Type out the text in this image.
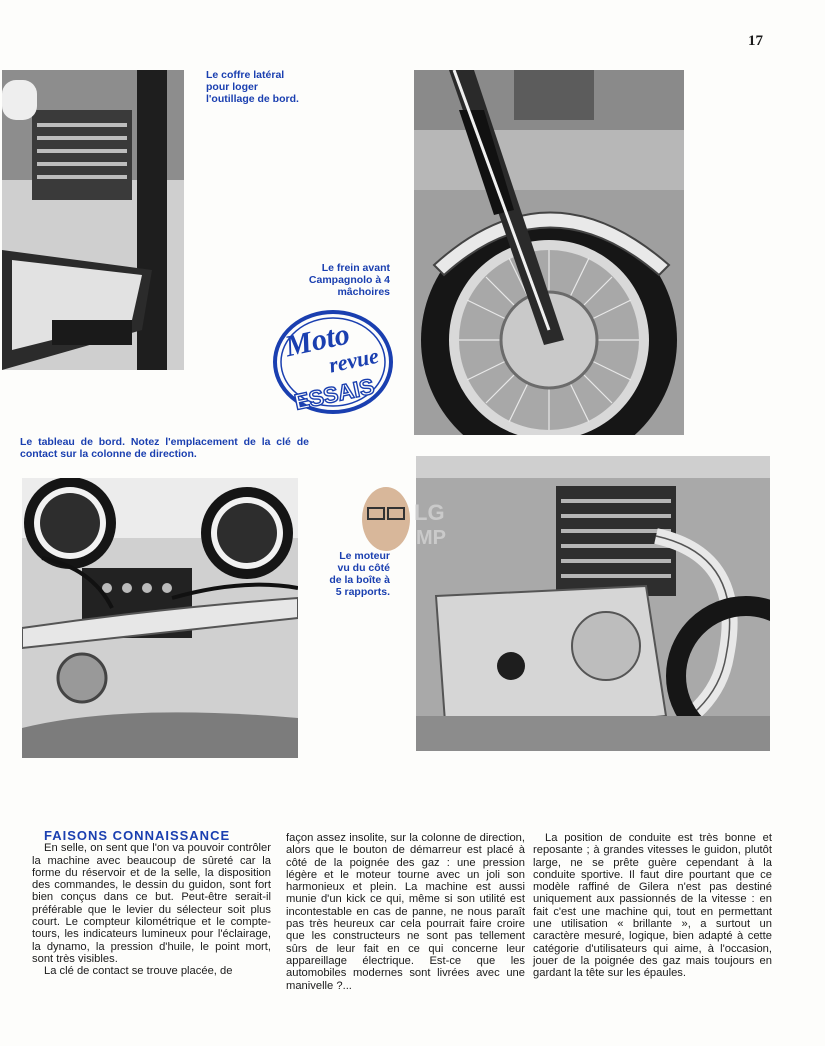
17
Le coffre latéral
pour loger
l'outillage de bord.
Le frein avant
Campagnolo à 4
mâchoires
Moto
revue
ESSAIS
Le tableau de bord. Notez l'emplacement de la clé de contact sur la colonne de direction.
LG
MP
Le moteur
vu du côté
de la boîte à
5 rapports.

FAISONS CONNAISSANCE

En selle, on sent que l'on va pouvoir contrôler la machine avec beaucoup de sûreté car la forme du réservoir et de la selle, la disposition des commandes, le dessin du guidon, sont fort bien conçus dans ce but. Peut-être serait-il préférable que le levier du sélecteur soit plus court. Le compteur kilométrique et le compte-tours, les indicateurs lumineux pour l'éclairage, la dynamo, la pression d'huile, le point mort, sont très visibles.

La clé de contact se trouve placée, de

façon assez insolite, sur la colonne de direction, alors que le bouton de démarreur est placé à côté de la poignée des gaz : une pression légère et le moteur tourne avec un joli son harmonieux et plein. La machine est aussi munie d'un kick ce qui, même si son utilité est incontestable en cas de panne, ne nous paraît pas très heureux car cela pourrait faire croire que les constructeurs ne sont pas tellement sûrs de leur fait en ce qui concerne leur appareillage électrique. Est-ce que les automobiles modernes sont livrées avec une manivelle ?...

La position de conduite est très bonne et reposante ; à grandes vitesses le guidon, plutôt large, ne se prête guère cependant à la conduite sportive. Il faut dire pourtant que ce modèle raffiné de Gilera n'est pas destiné uniquement aux passionnés de la vitesse : en fait c'est une machine qui, tout en permettant une utilisation « brillante », a surtout un caractère mesuré, logique, bien adapté à cette catégorie d'utilisateurs qui aime, à l'occasion, jouer de la poignée des gaz mais toujours en gardant la tête sur les épaules.
